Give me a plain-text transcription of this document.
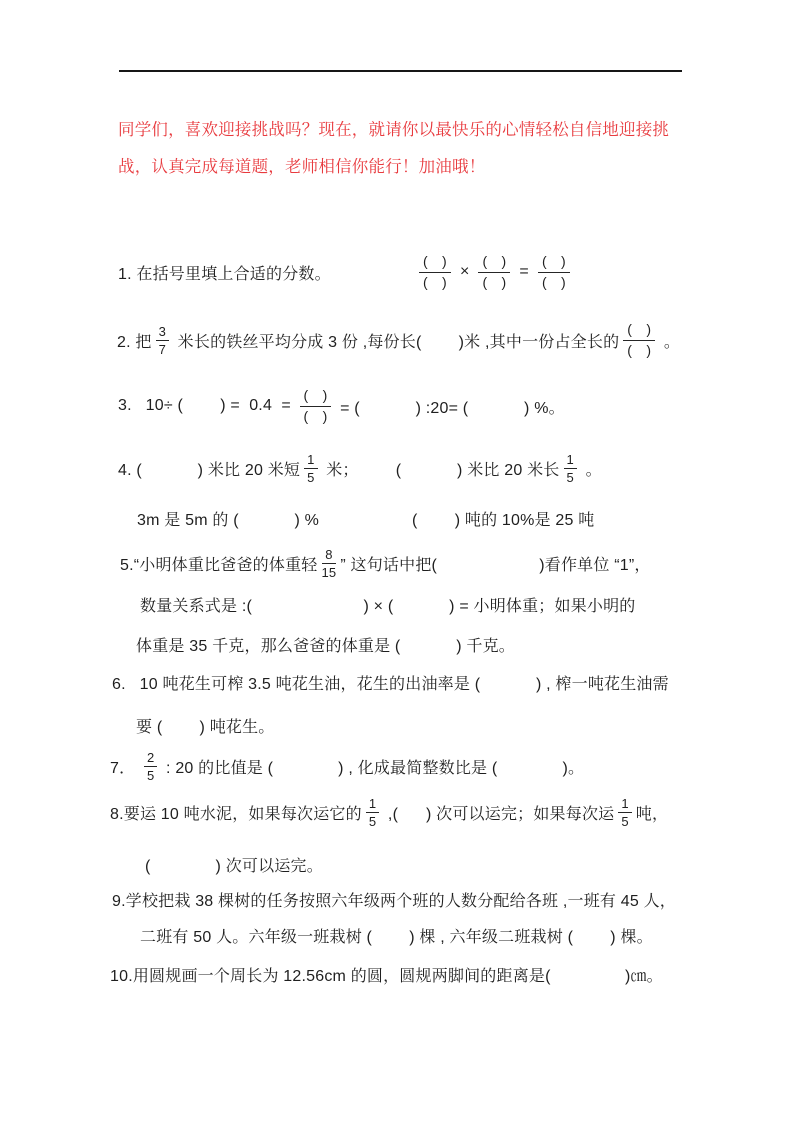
同学们，喜欢迎接挑战吗？现在，就请你以最快乐的心情轻松自信地迎接挑战，认真完成每道题，老师相信你能行！加油哦！

1. 在括号里填上合适的分数。	$\frac{( )}{( )} \times \frac{( )}{( )} = \frac{( )}{( )}$
2. 把 $\frac{3}{7}$ 米长的铁丝平均分成 3 份 ,每份长(        )米 ,其中一份占全长的 $\frac{( )}{( )}$ 。
3.   10÷ (        ) =  $0.4 = \frac{( )}{( )}$ = (            ) :20= (            ) %。
4. (            ) 米比 20 米短 $\frac{1}{5}$ 米；        (            ) 米比 20 米长 $\frac{1}{5}$ 。
3m 是 5m 的 (            ) %                    (        ) 吨的 10%是 25 吨
5.“小明体重比爸爸的体重轻 $\frac{8}{15}$ ” 这句话中把(                      )看作单位 “1”，
数量关系式是 :(                        ) × (            ) = 小明体重；如果小明的
体重是 35 千克，那么爸爸的体重是 (            ) 千克。
6.   10 吨花生可榨 3.5 吨花生油，花生的出油率是 (            ) , 榨一吨花生油需
要 (        ) 吨花生。
7． $\frac{2}{5}$ : 20 的比值是 (              ) , 化成最简整数比是 (              )。
8.要运 10 吨水泥，如果每次运它的 $\frac{1}{5}$ ,(      ) 次可以运完；如果每次运 $\frac{1}{5}$ 吨，
(              ) 次可以运完。
9.学校把栽 38 棵树的任务按照六年级两个班的人数分配给各班 ,一班有 45 人，
二班有 50 人。六年级一班栽树 (        ) 棵 , 六年级二班栽树 (        ) 棵。
10.用圆规画一个周长为 12.56cm 的圆，圆规两脚间的距离是(                )㎝。
